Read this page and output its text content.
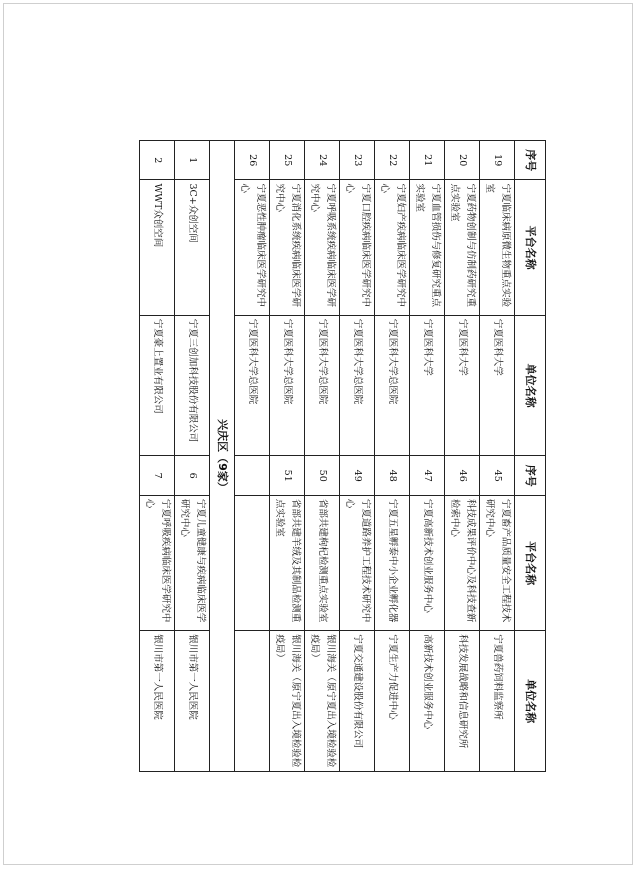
序号	平台名称	单位名称	序号	平台名称	单位名称
19	宁夏临床病原微生物重点实验室	宁夏医科大学	45	宁夏畜产品质量安全工程技术研究中心	宁夏兽药饲料监察所
20	宁夏药物创制与仿制药研究重点实验室	宁夏医科大学	46	科技成果评价中心及科技查新检索中心	科技发展战略和信息研究所
21	宁夏血管损伤与修复研究重点实验室	宁夏医科大学	47	宁夏高新技术创业服务中心	高新技术创业服务中心
22	宁夏妇产疾病临床医学研究中心	宁夏医科大学总医院	48	宁夏五星孵泰中小企业孵化器	宁夏生产力促进中心
23	宁夏口腔疾病临床医学研究中心	宁夏医科大学总医院	49	宁夏道路养护工程技术研究中心	宁夏交通建设股份有限公司
24	宁夏呼吸系统疾病临床医学研究中心	宁夏医科大学总医院	50	省部共建枸杞检测重点实验室	银川海关（原宁夏出入境检验检疫局）
25	宁夏消化系统疾病临床医学研究中心	宁夏医科大学总医院	51	省部共建羊绒及其制品检测重点实验室	银川海关（原宁夏出入境检验检疫局）
26	宁夏恶性肿瘤临床医学研究中心	宁夏医科大学总医院			
兴庆区（9家）					
1	3C+众创空间	宁夏三创加科技股份有限公司	6	宁夏儿童健康与疾病临床医学研究中心	银川市第一人民医院
2	WWT众创空间	宁夏豪上置业有限公司	7	宁夏呼吸疾病临床医学研究中心	银川市第一人民医院
